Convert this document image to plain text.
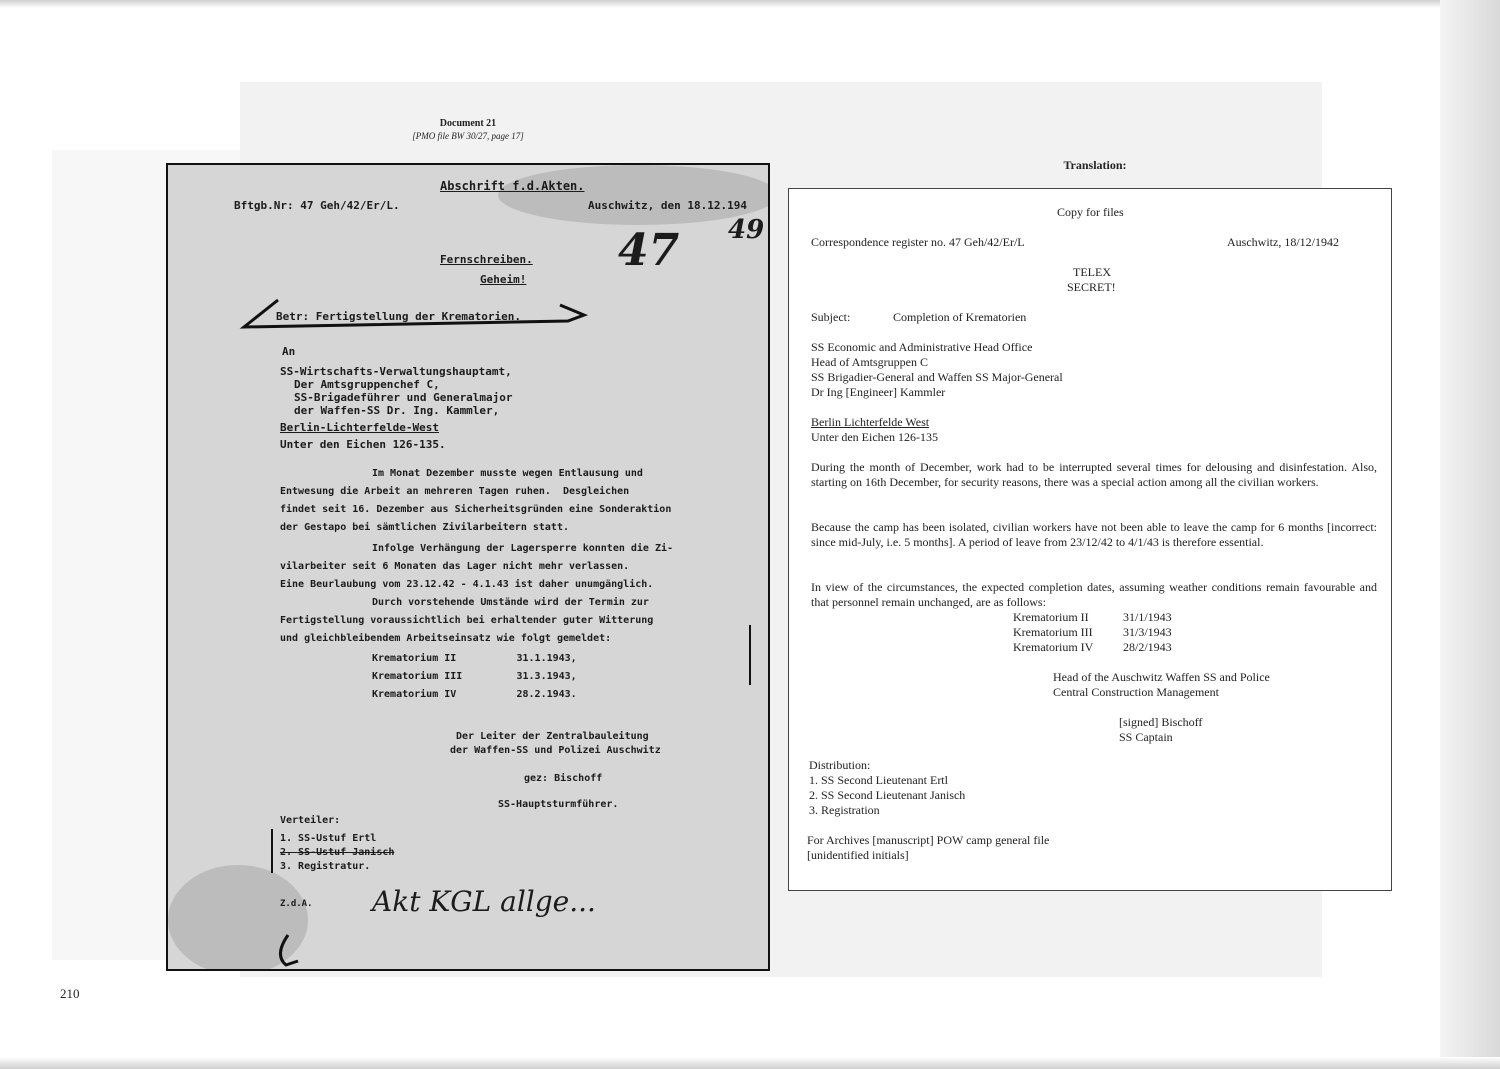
Document 21
[PMO file BW 30/27, page 17]
Abschrift f.d.Akten.
Bftgb.Nr: 47 Geh/42/Er/L.	Auschwitz, den 18.12.194
Fernschreiben.
Geheim!
Betr: Fertigstellung der Krematorien.
An
SS-Wirtschafts-Verwaltungshauptamt,
Der Amtsgruppenchef C,
SS-Brigadeführer und Generalmajor
der Waffen-SS Dr. Ing. Kammler,
Berlin-Lichterfelde-West
Unter den Eichen 126-135.
Im Monat Dezember musste wegen Entlausung und
Entwesung die Arbeit an mehreren Tagen ruhen.  Desgleichen
findet seit 16. Dezember aus Sicherheitsgründen eine Sonderaktion
der Gestapo bei sämtlichen Zivilarbeitern statt.
Infolge Verhängung der Lagersperre konnten die Zi-
vilarbeiter seit 6 Monaten das Lager nicht mehr verlassen.
Eine Beurlaubung vom 23.12.42 - 4.1.43 ist daher unumgänglich.
Durch vorstehende Umstände wird der Termin zur
Fertigstellung voraussichtlich bei erhaltender guter Witterung
und gleichbleibendem Arbeitseinsatz wie folgt gemeldet:
Krematorium II          31.1.1943,
Krematorium III         31.3.1943,
Krematorium IV          28.2.1943.
Der Leiter der Zentralbauleitung
der Waffen-SS und Polizei Auschwitz
gez: Bischoff
SS-Hauptsturmführer.
Verteiler:
1. SS-Ustuf Ertl
2. SS-Ustuf Janisch
3. Registratur.
Z.d.A. Akt KGL allge...
47 49
Translation:
Copy for files
Correspondence register no. 47 Geh/42/Er/L	Auschwitz, 18/12/1942
TELEX
SECRET!
Subject:	Completion of Krematorien
SS Economic and Administrative Head Office
Head of Amtsgruppen C
SS Brigadier-General and Waffen SS Major-General
Dr Ing [Engineer] Kammler
Berlin Lichterfelde West
Unter den Eichen 126-135
During the month of December, work had to be interrupted several times for delousing and disinfestation. Also, starting on 16th December, for security reasons, there was a special action among all the civilian workers.
Because the camp has been isolated, civilian workers have not been able to leave the camp for 6 months [incorrect: since mid-July, i.e. 5 months]. A period of leave from 23/12/42 to 4/1/43 is therefore essential.
In view of the circumstances, the expected completion dates, assuming weather conditions remain favourable and that personnel remain unchanged, are as follows:
Krematorium II	31/1/1943
Krematorium III	31/3/1943
Krematorium IV 28/2/1943
Head of the Auschwitz Waffen SS and Police
Central Construction Management
[signed] Bischoff
SS Captain
Distribution:
1. SS Second Lieutenant Ertl
2. SS Second Lieutenant Janisch
3. Registration
For Archives [manuscript] POW camp general file
[unidentified initials]
210
